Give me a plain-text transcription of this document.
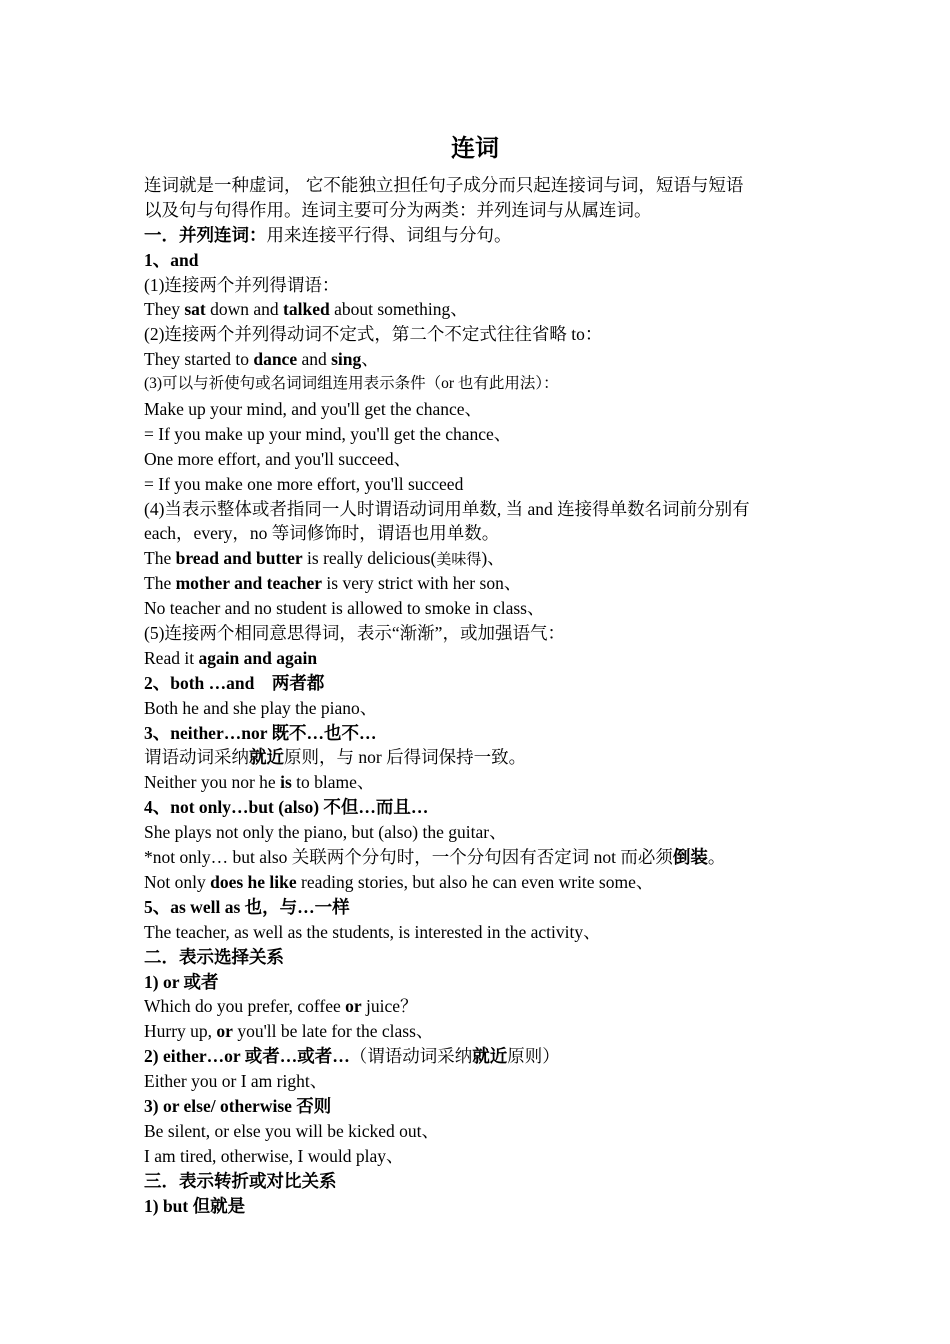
连词
连词就是一种虚词， 它不能独立担任句子成分而只起连接词与词，短语与短语
以及句与句得作用。连词主要可分为两类：并列连词与从属连词。
一．并列连词：用来连接平行得、词组与分句。
1、and
(1)连接两个并列得谓语：
They sat down and talked about something、
(2)连接两个并列得动词不定式，第二个不定式往往省略 to：
They started to dance and sing、
(3)可以与祈使句或名词词组连用表示条件（or 也有此用法）：
Make up your mind, and you'll get the chance、
= If you make up your mind, you'll get the chance、
One more effort, and you'll succeed、
= If you make one more effort, you'll succeed
(4)当表示整体或者指同一人时谓语动词用单数, 当 and 连接得单数名词前分别有
each，every，no 等词修饰时，谓语也用单数。
The bread and butter is really delicious(美味得)、
The mother and teacher is very strict with her son、
No teacher and no student is allowed to smoke in class、
(5)连接两个相同意思得词，表示“渐渐”，或加强语气：
Read it again and again
2、both …and　两者都
Both he and she play the piano、
3、neither…nor 既不…也不…
谓语动词采纳就近原则，与 nor 后得词保持一致。
Neither you nor he is to blame、
4、not only…but (also) 不但…而且…
She plays not only the piano, but (also) the guitar、
*not only… but also 关联两个分句时，一个分句因有否定词 not 而必须倒装。
Not only does he like reading stories, but also he can even write some、
5、as well as 也，与…一样
The teacher, as well as the students, is interested in the activity、
二．表示选择关系
1) or 或者
Which do you prefer, coffee or juice？
Hurry up, or you'll be late for the class、
2) either…or 或者…或者…（谓语动词采纳就近原则）
Either you or I am right、
3) or else/ otherwise 否则
Be silent, or else you will be kicked out、
I am tired, otherwise, I would play、
三．表示转折或对比关系
1) but 但就是
